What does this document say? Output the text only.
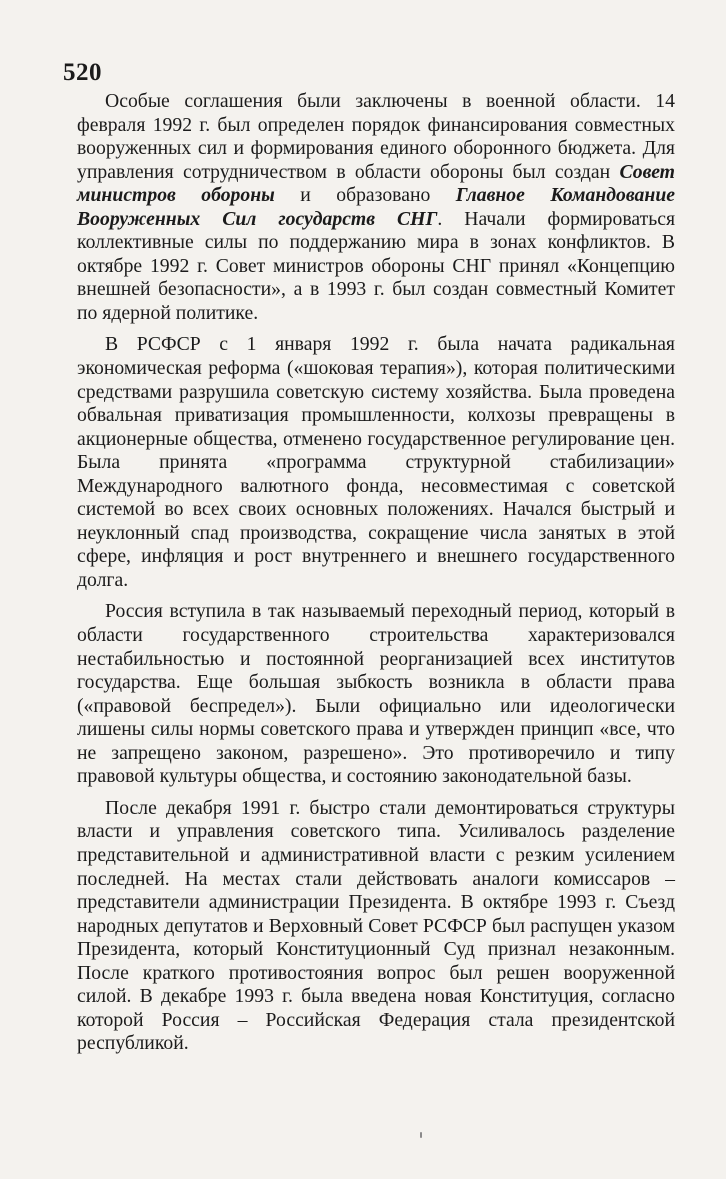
520

Особые соглашения были заключены в военной области. 14 февраля 1992 г. был определен порядок финансирования совместных вооруженных сил и формирования единого оборонного бюджета. Для управления сотрудничеством в области обороны был создан Совет министров обороны и образовано Главное Командование Вооруженных Сил государств СНГ. Начали формироваться коллективные силы по поддержанию мира в зонах конфликтов. В октябре 1992 г. Совет министров обороны СНГ принял «Концепцию внешней безопасности», а в 1993 г. был создан совместный Комитет по ядерной политике.

В РСФСР с 1 января 1992 г. была начата радикальная экономическая реформа («шоковая терапия»), которая политическими средствами разрушила советскую систему хозяйства. Была проведена обвальная приватизация промышленности, колхозы превращены в акционерные общества, отменено государственное регулирование цен. Была принята «программа структурной стабилизации» Международного валютного фонда, несовместимая с советской системой во всех своих основных положениях. Начался быстрый и неуклонный спад производства, сокращение числа занятых в этой сфере, инфляция и рост внутреннего и внешнего государственного долга.

Россия вступила в так называемый переходный период, который в области государственного строительства характеризовался нестабильностью и постоянной реорганизацией всех институтов государства. Еще большая зыбкость возникла в области права («правовой беспредел»). Были официально или идеологически лишены силы нормы советского права и утвержден принцип «все, что не запрещено законом, разрешено». Это противоречило и типу правовой культуры общества, и состоянию законодательной базы.

После декабря 1991 г. быстро стали демонтироваться структуры власти и управления советского типа. Усиливалось разделение представительной и административной власти с резким усилением последней. На местах стали действовать аналоги комиссаров – представители администрации Президента. В октябре 1993 г. Съезд народных депутатов и Верховный Совет РСФСР был распущен указом Президента, который Конституционный Суд признал незаконным. После краткого противостояния вопрос был решен вооруженной силой. В декабре 1993 г. была введена новая Конституция, согласно которой Россия – Российская Федерация стала президентской республикой.
